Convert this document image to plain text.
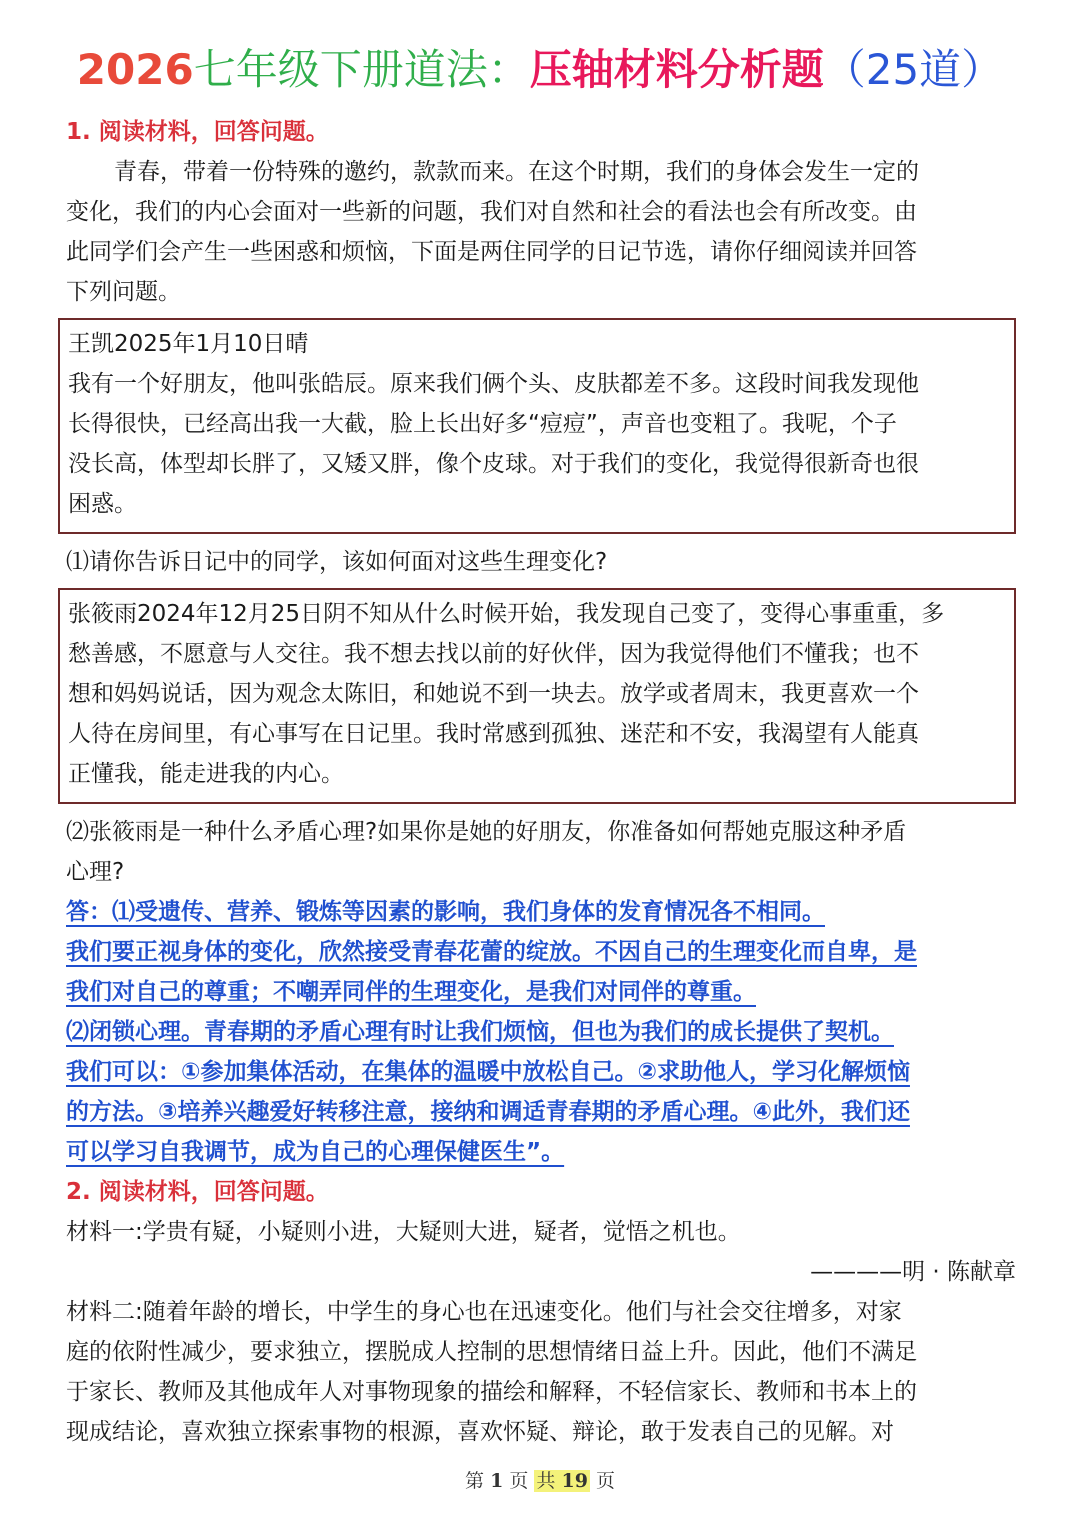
2026七年级下册道法：压轴材料分析题（25道）
1. 阅读材料，回答问题。
青春，带着一份特殊的邀约，款款而来。在这个时期，我们的身体会发生一定的
变化，我们的内心会面对一些新的问题，我们对自然和社会的看法也会有所改变。由
此同学们会产生一些困惑和烦恼，下面是两住同学的日记节选，请你仔细阅读并回答
下列问题。
王凯2025年1月10日晴
我有一个好朋友，他叫张皓辰。原来我们俩个头、皮肤都差不多。这段时间我发现他
长得很快，已经高出我一大截，脸上长出好多“痘痘”，声音也变粗了。我呢，个子
没长高，体型却长胖了，又矮又胖，像个皮球。对于我们的变化，我觉得很新奇也很
困惑。
⑴请你告诉日记中的同学，该如何面对这些生理变化?
张筱雨2024年12月25日阴不知从什么时候开始，我发现自己变了，变得心事重重，多
愁善感，不愿意与人交往。我不想去找以前的好伙伴，因为我觉得他们不懂我；也不
想和妈妈说话，因为观念太陈旧，和她说不到一块去。放学或者周末，我更喜欢一个
人待在房间里，有心事写在日记里。我时常感到孤独、迷茫和不安，我渴望有人能真
正懂我，能走进我的内心。
⑵张筱雨是一种什么矛盾心理?如果你是她的好朋友，你准备如何帮她克服这种矛盾
心理?
答：⑴受遗传、营养、锻炼等因素的影响，我们身体的发育情况各不相同。
我们要正视身体的变化，欣然接受青春花蕾的绽放。不因自己的生理变化而自卑，是
我们对自己的尊重；不嘲弄同伴的生理变化，是我们对同伴的尊重。
⑵闭锁心理。青春期的矛盾心理有时让我们烦恼，但也为我们的成长提供了契机。
我们可以：①参加集体活动，在集体的温暖中放松自己。②求助他人，学习化解烦恼
的方法。③培养兴趣爱好转移注意，接纳和调适青春期的矛盾心理。④此外，我们还
可以学习自我调节，成为自己的心理保健医生”。
2. 阅读材料，回答问题。
材料一:学贵有疑，小疑则小进，大疑则大进，疑者，觉悟之机也。
————明 · 陈献章
材料二:随着年龄的增长，中学生的身心也在迅速变化。他们与社会交往增多，对家
庭的依附性减少，要求独立，摆脱成人控制的思想情绪日益上升。因此，他们不满足
于家长、教师及其他成年人对事物现象的描绘和解释，不轻信家长、教师和书本上的
现成结论，喜欢独立探索事物的根源，喜欢怀疑、辩论，敢于发表自己的见解。对
第 1 页 共 19 页
